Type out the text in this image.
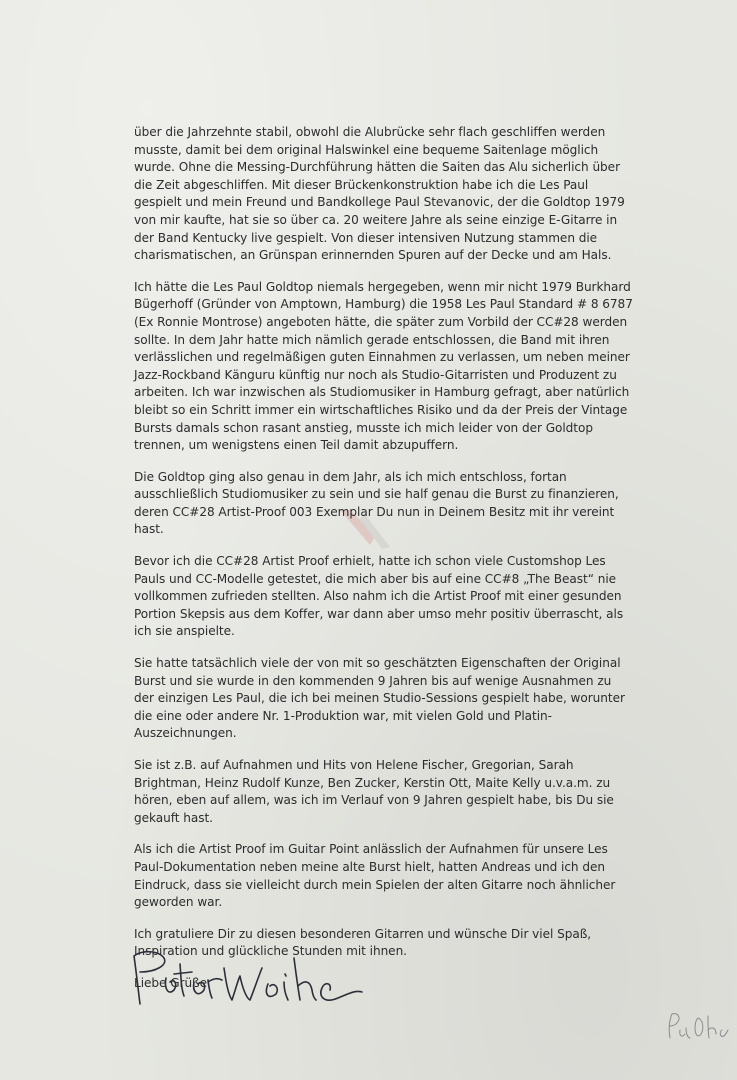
über die Jahrzehnte stabil, obwohl die Alubrücke sehr flach geschliffen werden musste, damit bei dem original Halswinkel eine bequeme Saitenlage möglich wurde. Ohne die Messing-Durchführung hätten die Saiten das Alu sicherlich über die Zeit abgeschliffen. Mit dieser Brückenkonstruktion habe ich die Les Paul gespielt und mein Freund und Bandkollege Paul Stevanovic, der die Goldtop 1979 von mir kaufte, hat sie so über ca. 20 weitere Jahre als seine einzige E-Gitarre in der Band Kentucky live gespielt. Von dieser intensiven Nutzung stammen die charismatischen, an Grünspan erinnernden Spuren auf der Decke und am Hals.

Ich hätte die Les Paul Goldtop niemals hergegeben, wenn mir nicht 1979 Burkhard Bügerhoff (Gründer von Amptown, Hamburg) die 1958 Les Paul Standard # 8 6787 (Ex Ronnie Montrose) angeboten hätte, die später zum Vorbild der CC#28 werden sollte. In dem Jahr hatte mich nämlich gerade entschlossen, die Band mit ihren verlässlichen und regelmäßigen guten Einnahmen zu verlassen, um neben meiner Jazz-Rockband Känguru künftig nur noch als Studio-Gitarristen und Produzent zu arbeiten. Ich war inzwischen als Studiomusiker in Hamburg gefragt, aber natürlich bleibt so ein Schritt immer ein wirtschaftliches Risiko und da der Preis der Vintage Bursts damals schon rasant anstieg, musste ich mich leider von der Goldtop trennen, um wenigstens einen Teil damit abzupuffern.

Die Goldtop ging also genau in dem Jahr, als ich mich entschloss, fortan ausschließlich Studiomusiker zu sein und sie half genau die Burst zu finanzieren, deren CC#28 Artist-Proof 003 Exemplar Du nun in Deinem Besitz mit ihr vereint hast.

Bevor ich die CC#28 Artist Proof erhielt, hatte ich schon viele Customshop Les Pauls und CC-Modelle getestet, die mich aber bis auf eine CC#8 „The Beast“ nie vollkommen zufrieden stellten. Also nahm ich die Artist Proof mit einer gesunden Portion Skepsis aus dem Koffer, war dann aber umso mehr positiv überrascht, als ich sie anspielte.

Sie hatte tatsächlich viele der von mit so geschätzten Eigenschaften der Original Burst und sie wurde in den kommenden 9 Jahren bis auf wenige Ausnahmen zu der einzigen Les Paul, die ich bei meinen Studio-Sessions gespielt habe, worunter die eine oder andere Nr. 1-Produktion war, mit vielen Gold und Platin-Auszeichnungen.

Sie ist z.B. auf Aufnahmen und Hits von Helene Fischer, Gregorian, Sarah Brightman, Heinz Rudolf Kunze, Ben Zucker, Kerstin Ott, Maite Kelly u.v.a.m. zu hören, eben auf allem, was ich im Verlauf von 9 Jahren gespielt habe, bis Du sie gekauft hast.

Als ich die Artist Proof im Guitar Point anlässlich der Aufnahmen für unsere Les Paul-Dokumentation neben meine alte Burst hielt, hatten Andreas und ich den Eindruck, dass sie vielleicht durch mein Spielen der alten Gitarre noch ähnlicher geworden war.

Ich gratuliere Dir zu diesen besonderen Gitarren und wünsche Dir viel Spaß, Inspiration und glückliche Stunden mit ihnen.

Liebe Grüße
